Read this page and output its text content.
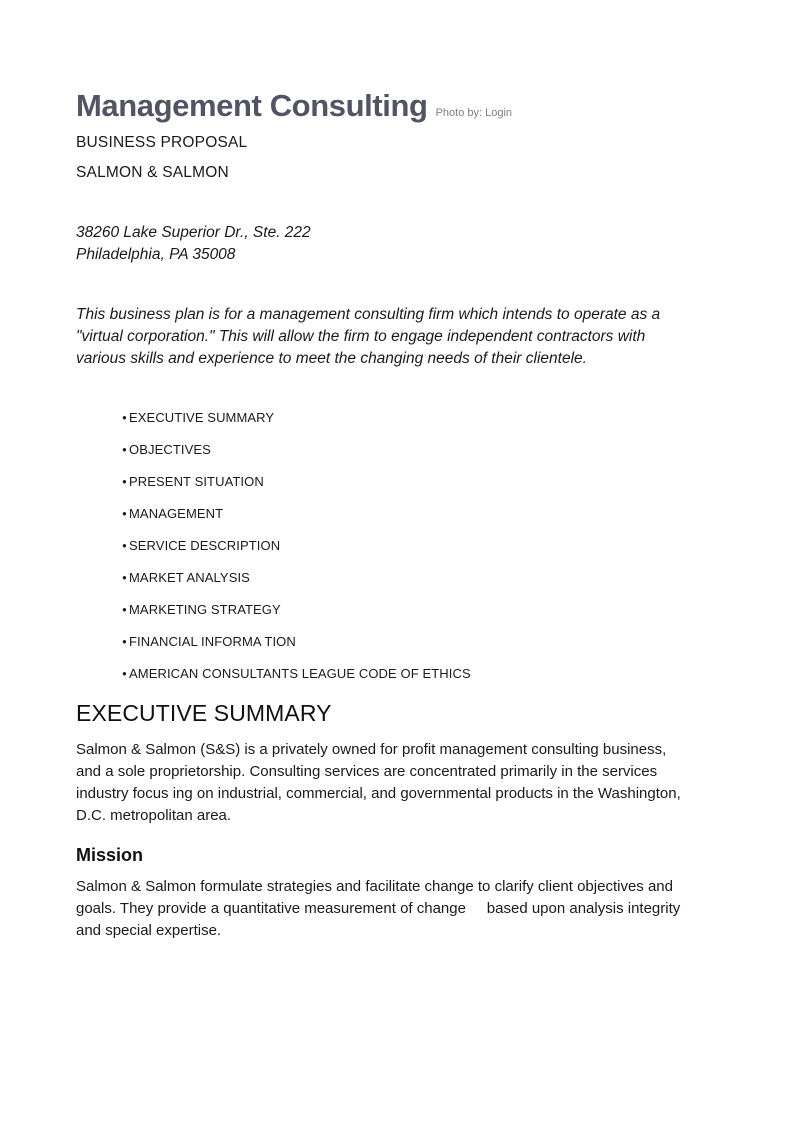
Management Consulting Photo by: Login
BUSINESS PROPOSAL
SALMON & SALMON
38260 Lake Superior Dr., Ste. 222
Philadelphia, PA 35008
This business plan is for a management consulting firm which intends to operate as a
"virtual corporation." This will allow the firm to engage independent contractors with
various skills and experience to meet the changing needs of their clientele.
● EXECUTIVE SUMMARY
● OBJECTIVES
● PRESENT SITUATION
● MANAGEMENT
● SERVICE DESCRIPTION
● MARKET ANALYSIS
● MARKETING STRATEGY
● FINANCIAL INFORMA TION
● AMERICAN CONSULTANTS LEAGUE CODE OF ETHICS
EXECUTIVE SUMMARY
Salmon & Salmon (S&S) is a privately owned for profit management consulting business,
and a sole proprietorship. Consulting services are concentrated primarily in the services
industry focus ing on industrial, commercial, and governmental products in the Washington,
D.C. metropolitan area.
Mission
Salmon & Salmon formulate strategies and facilitate change to clarify client objectives and
goals. They provide a quantitative measurement of change     based upon analysis integrity
and special expertise.
